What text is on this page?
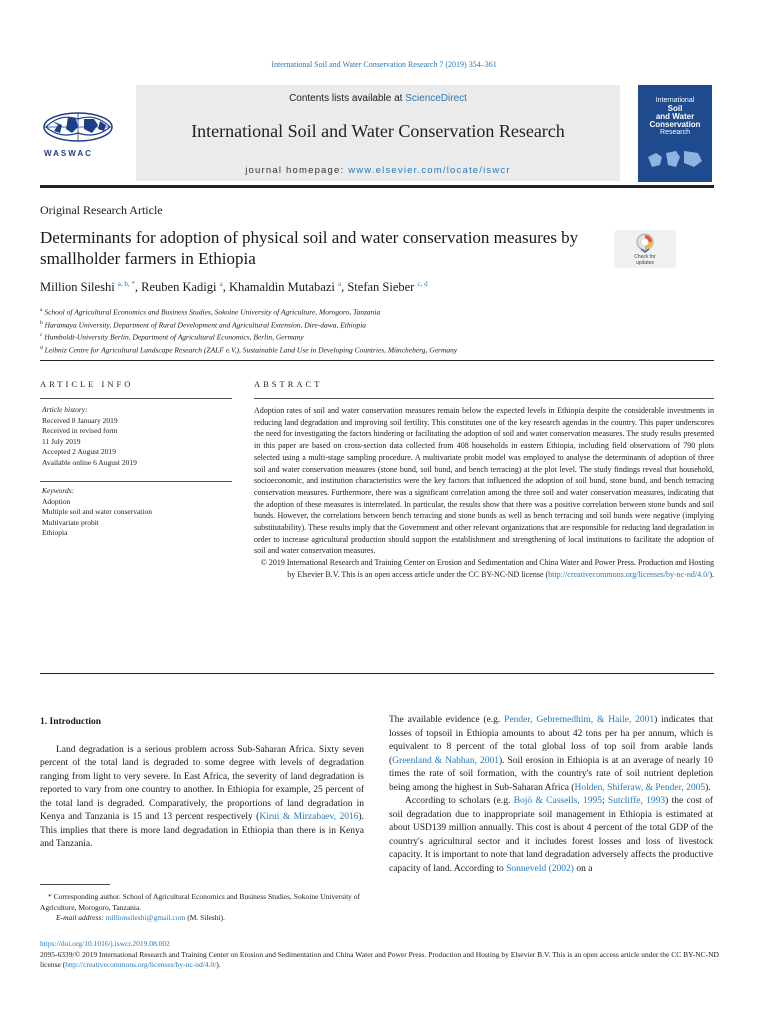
International Soil and Water Conservation Research 7 (2019) 354–361
WASWAC
Contents lists available at ScienceDirect
International Soil and Water Conservation Research
journal homepage: www.elsevier.com/locate/iswcr
International
Soil
and Water
Conservation
Research
Original Research Article
Determinants for adoption of physical soil and water conservation measures by smallholder farmers in Ethiopia	Check for
updates
Million Sileshi $^{a, b, *}$, Reuben Kadigi $^a$, Khamaldin Mutabazi $^a$, Stefan Sieber $^{c, d}$
$^a$ School of Agricultural Economics and Business Studies, Sokoine University of Agriculture, Morogoro, Tanzania
$^b$ Haramaya University, Department of Rural Development and Agricultural Extension, Dire-dawa, Ethiopia
$^c$ Humboldt-University Berlin, Department of Agricultural Economics, Berlin, Germany
$^d$ Leibniz Centre for Agricultural Landscape Research (ZALF e.V.), Sustainable Land Use in Developing Countries, Müncheberg, Germany
ARTICLE INFO
Article history:
Received 8 January 2019
Received in revised form
11 July 2019
Accepted 2 August 2019
Available online 6 August 2019
Keywords:
Adoption
Multiple soil and water conservation
Multivariate probit
Ethiopia
ABSTRACT
Adoption rates of soil and water conservation measures remain below the expected levels in Ethiopia despite the considerable investments in reducing land degradation and improving soil fertility. This constitutes one of the key research agendas in the country. This paper underscores the need for investigating the factors hindering or facilitating the adoption of soil and water conservation measures. The study results presented in this paper are based on cross-section data collected from 408 households in eastern Ethiopia, including field observations of 790 plots selected using a multi-stage sampling procedure. A multivariate probit model was employed to analyse the determinants of adoption of three soil and water conservation measures (stone bund, soil bund, and bench terracing) at the plot level. The study findings reveal that household, socioeconomic, and institution characteristics were the key factors that influenced the adoption of soil bund, stone bund, and bench terracing conservation measures. Furthermore, there was a significant correlation among the three soil and water conservation measures, indicating that the adoption of these measures is interrelated. In particular, the results show that there was a positive correlation between stone bunds and soil bunds. However, the correlations between bench terracing and stone bunds as well as bench terracing and soil bunds were negative (implying substitutability). These results imply that the Government and other relevant organizations that are responsible for reducing land degradation in order to increase agricultural production should support the establishment and strengthening of local institutions to facilitate the adoption of soil and water conservation measures.
© 2019 International Research and Training Center on Erosion and Sedimentation and China Water and Power Press. Production and Hosting by Elsevier B.V. This is an open access article under the CC BY-NC-ND license (http://creativecommons.org/licenses/by-nc-nd/4.0/).
1. Introduction

Land degradation is a serious problem across Sub-Saharan Africa. Sixty seven percent of the total land is degraded to some degree with levels of degradation ranging from light to very severe. In East Africa, the severity of land degradation is reported to vary from one country to another. In Ethiopia for example, 25 percent of the total land is degraded. Comparatively, the proportions of land degradation in Kenya and Tanzania is 15 and 13 percent respectively (Kirui & Mirzabaev, 2016). This implies that there is more land degradation in Ethiopia than there is in Kenya and Tanzania.

The available evidence (e.g. Pender, Gebremedhim, & Haile, 2001) indicates that losses of topsoil in Ethiopia amounts to about 42 tons per ha per annum, which is equivalent to 8 percent of the total global loss of top soil from arable lands (Greenland & Nabhan, 2001). Soil erosion in Ethiopia is at an average of nearly 10 times the rate of soil formation, with the country's rate of soil nutrient depletion being among the highest in Sub-Saharan Africa (Holden, Shiferaw, & Pender, 2005).

According to scholars (e.g. Bojö & Cassells, 1995; Sutcliffe, 1993) the cost of soil degradation due to inappropriate soil management in Ethiopia is estimated at about USD139 million annually. This cost is about 4 percent of the total GDP of the country's agricultural sector and it includes forest losses and loss of livestock capacity. It is important to note that land degradation adversely affects the productive capacity of land. According to Sonneveld (2002) on a

* Corresponding author. School of Agricultural Economics and Business Studies, Sokoine University of Agriculture, Morogoro, Tanzania.
E-mail address: millionsileshi@gmail.com (M. Sileshi).
https://doi.org/10.1016/j.iswcr.2019.08.002
2095-6339/© 2019 International Research and Training Center on Erosion and Sedimentation and China Water and Power Press. Production and Hosting by Elsevier B.V. This is an open access article under the CC BY-NC-ND license (http://creativecommons.org/licenses/by-nc-nd/4.0/).
